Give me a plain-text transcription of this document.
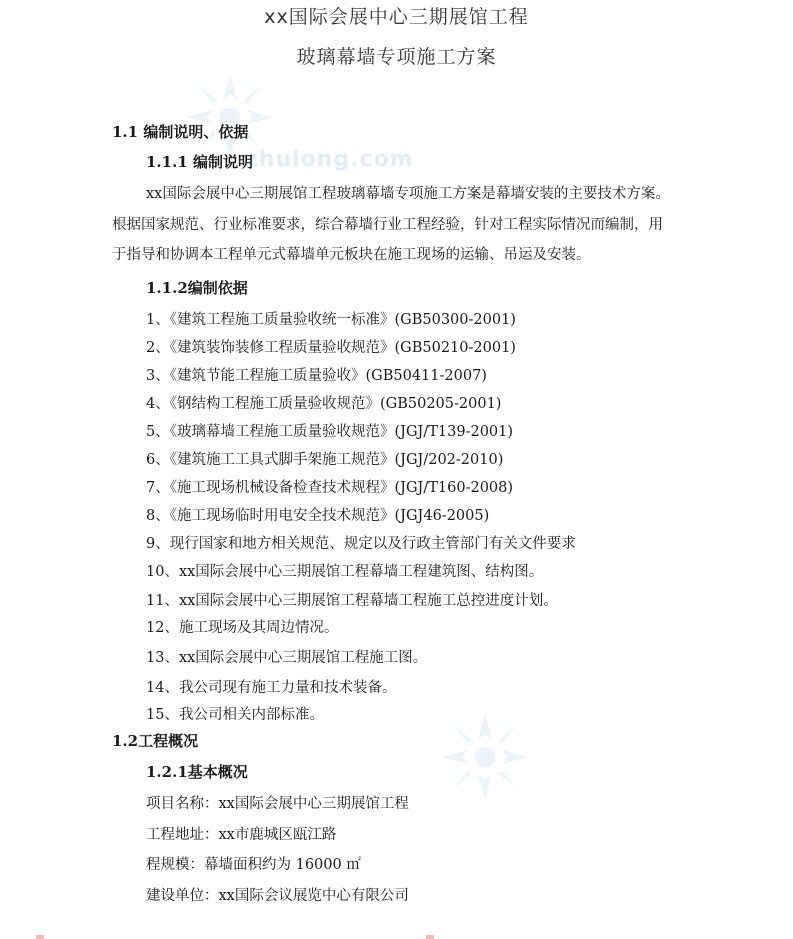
zhulong.com
xx国际会展中心三期展馆工程
玻璃幕墙专项施工方案
1.1 编制说明、依据
1.1.1 编制说明
xx国际会展中心三期展馆工程玻璃幕墙专项施工方案是幕墙安装的主要技术方案。
根据国家规范、行业标准要求，综合幕墙行业工程经验，针对工程实际情况而编制，用
于指导和协调本工程单元式幕墙单元板块在施工现场的运输、吊运及安装。
1.1.2编制依据
1、《建筑工程施工质量验收统一标准》(GB50300-2001)
2、《建筑装饰装修工程质量验收规范》(GB50210-2001)
3、《建筑节能工程施工质量验收》(GB50411-2007)
4、《钢结构工程施工质量验收规范》(GB50205-2001)
5、《玻璃幕墙工程施工质量验收规范》(JGJ/T139-2001)
6、《建筑施工工具式脚手架施工规范》(JGJ/202-2010)
7、《施工现场机械设备检查技术规程》(JGJ/T160-2008)
8、《施工现场临时用电安全技术规范》(JGJ46-2005)
9、现行国家和地方相关规范、规定以及行政主管部门有关文件要求
10、xx国际会展中心三期展馆工程幕墙工程建筑图、结构图。
11、xx国际会展中心三期展馆工程幕墙工程施工总控进度计划。
12、施工现场及其周边情况。
13、xx国际会展中心三期展馆工程施工图。
14、我公司现有施工力量和技术装备。
15、我公司相关内部标准。
1.2工程概况
1.2.1基本概况
项目名称：xx国际会展中心三期展馆工程
工程地址：xx市鹿城区瓯江路
程规模：幕墙面积约为 16000 ㎡
建设单位：xx国际会议展览中心有限公司
